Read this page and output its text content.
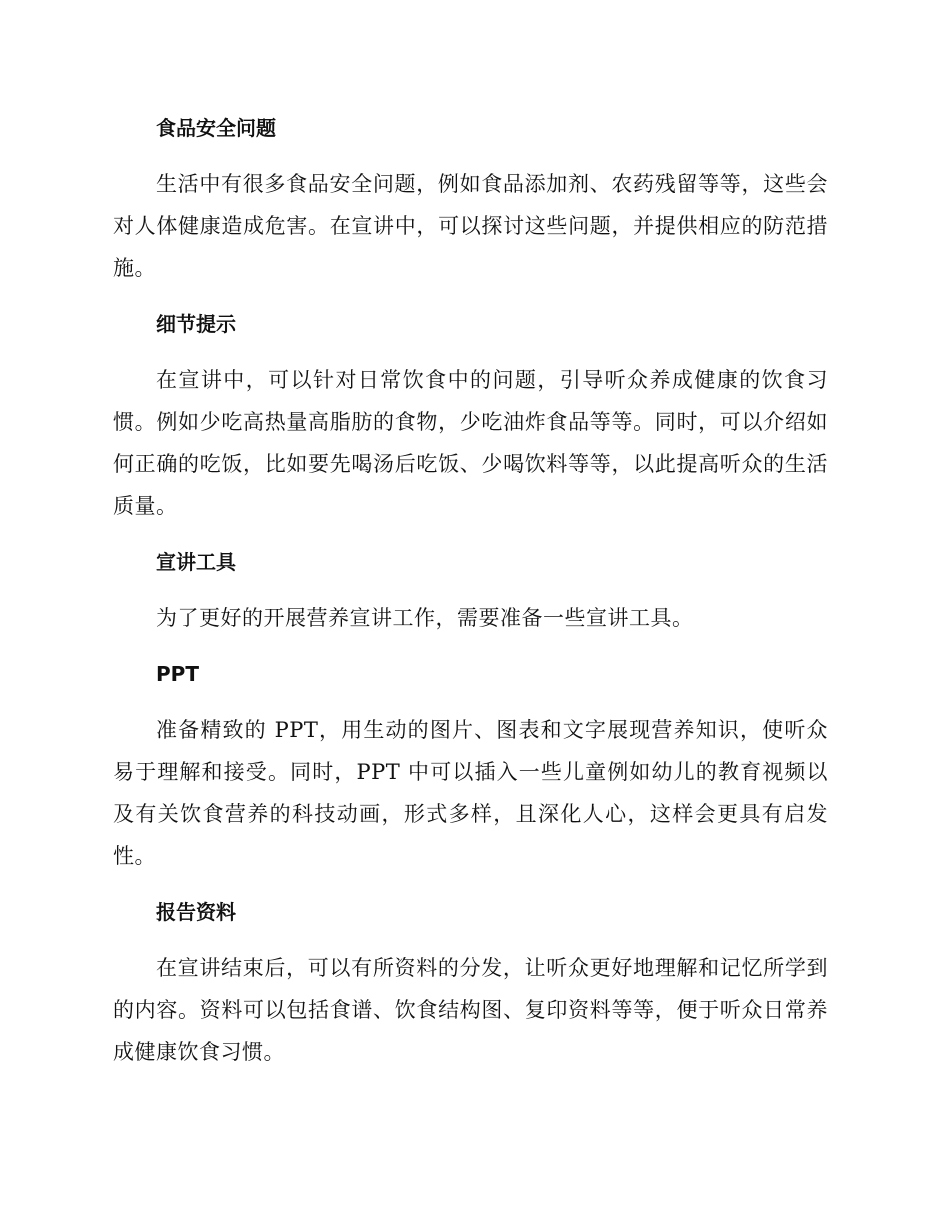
食品安全问题

生活中有很多食品安全问题，例如食品添加剂、农药残留等等，这些会对人体健康造成危害。在宣讲中，可以探讨这些问题，并提供相应的防范措施。

细节提示

在宣讲中，可以针对日常饮食中的问题，引导听众养成健康的饮食习惯。例如少吃高热量高脂肪的食物，少吃油炸食品等等。同时，可以介绍如何正确的吃饭，比如要先喝汤后吃饭、少喝饮料等等，以此提高听众的生活质量。

宣讲工具

为了更好的开展营养宣讲工作，需要准备一些宣讲工具。

PPT

准备精致的 PPT，用生动的图片、图表和文字展现营养知识，使听众易于理解和接受。同时，PPT 中可以插入一些儿童例如幼儿的教育视频以及有关饮食营养的科技动画，形式多样，且深化人心，这样会更具有启发性。

报告资料

在宣讲结束后，可以有所资料的分发，让听众更好地理解和记忆所学到的内容。资料可以包括食谱、饮食结构图、复印资料等等，便于听众日常养成健康饮食习惯。
